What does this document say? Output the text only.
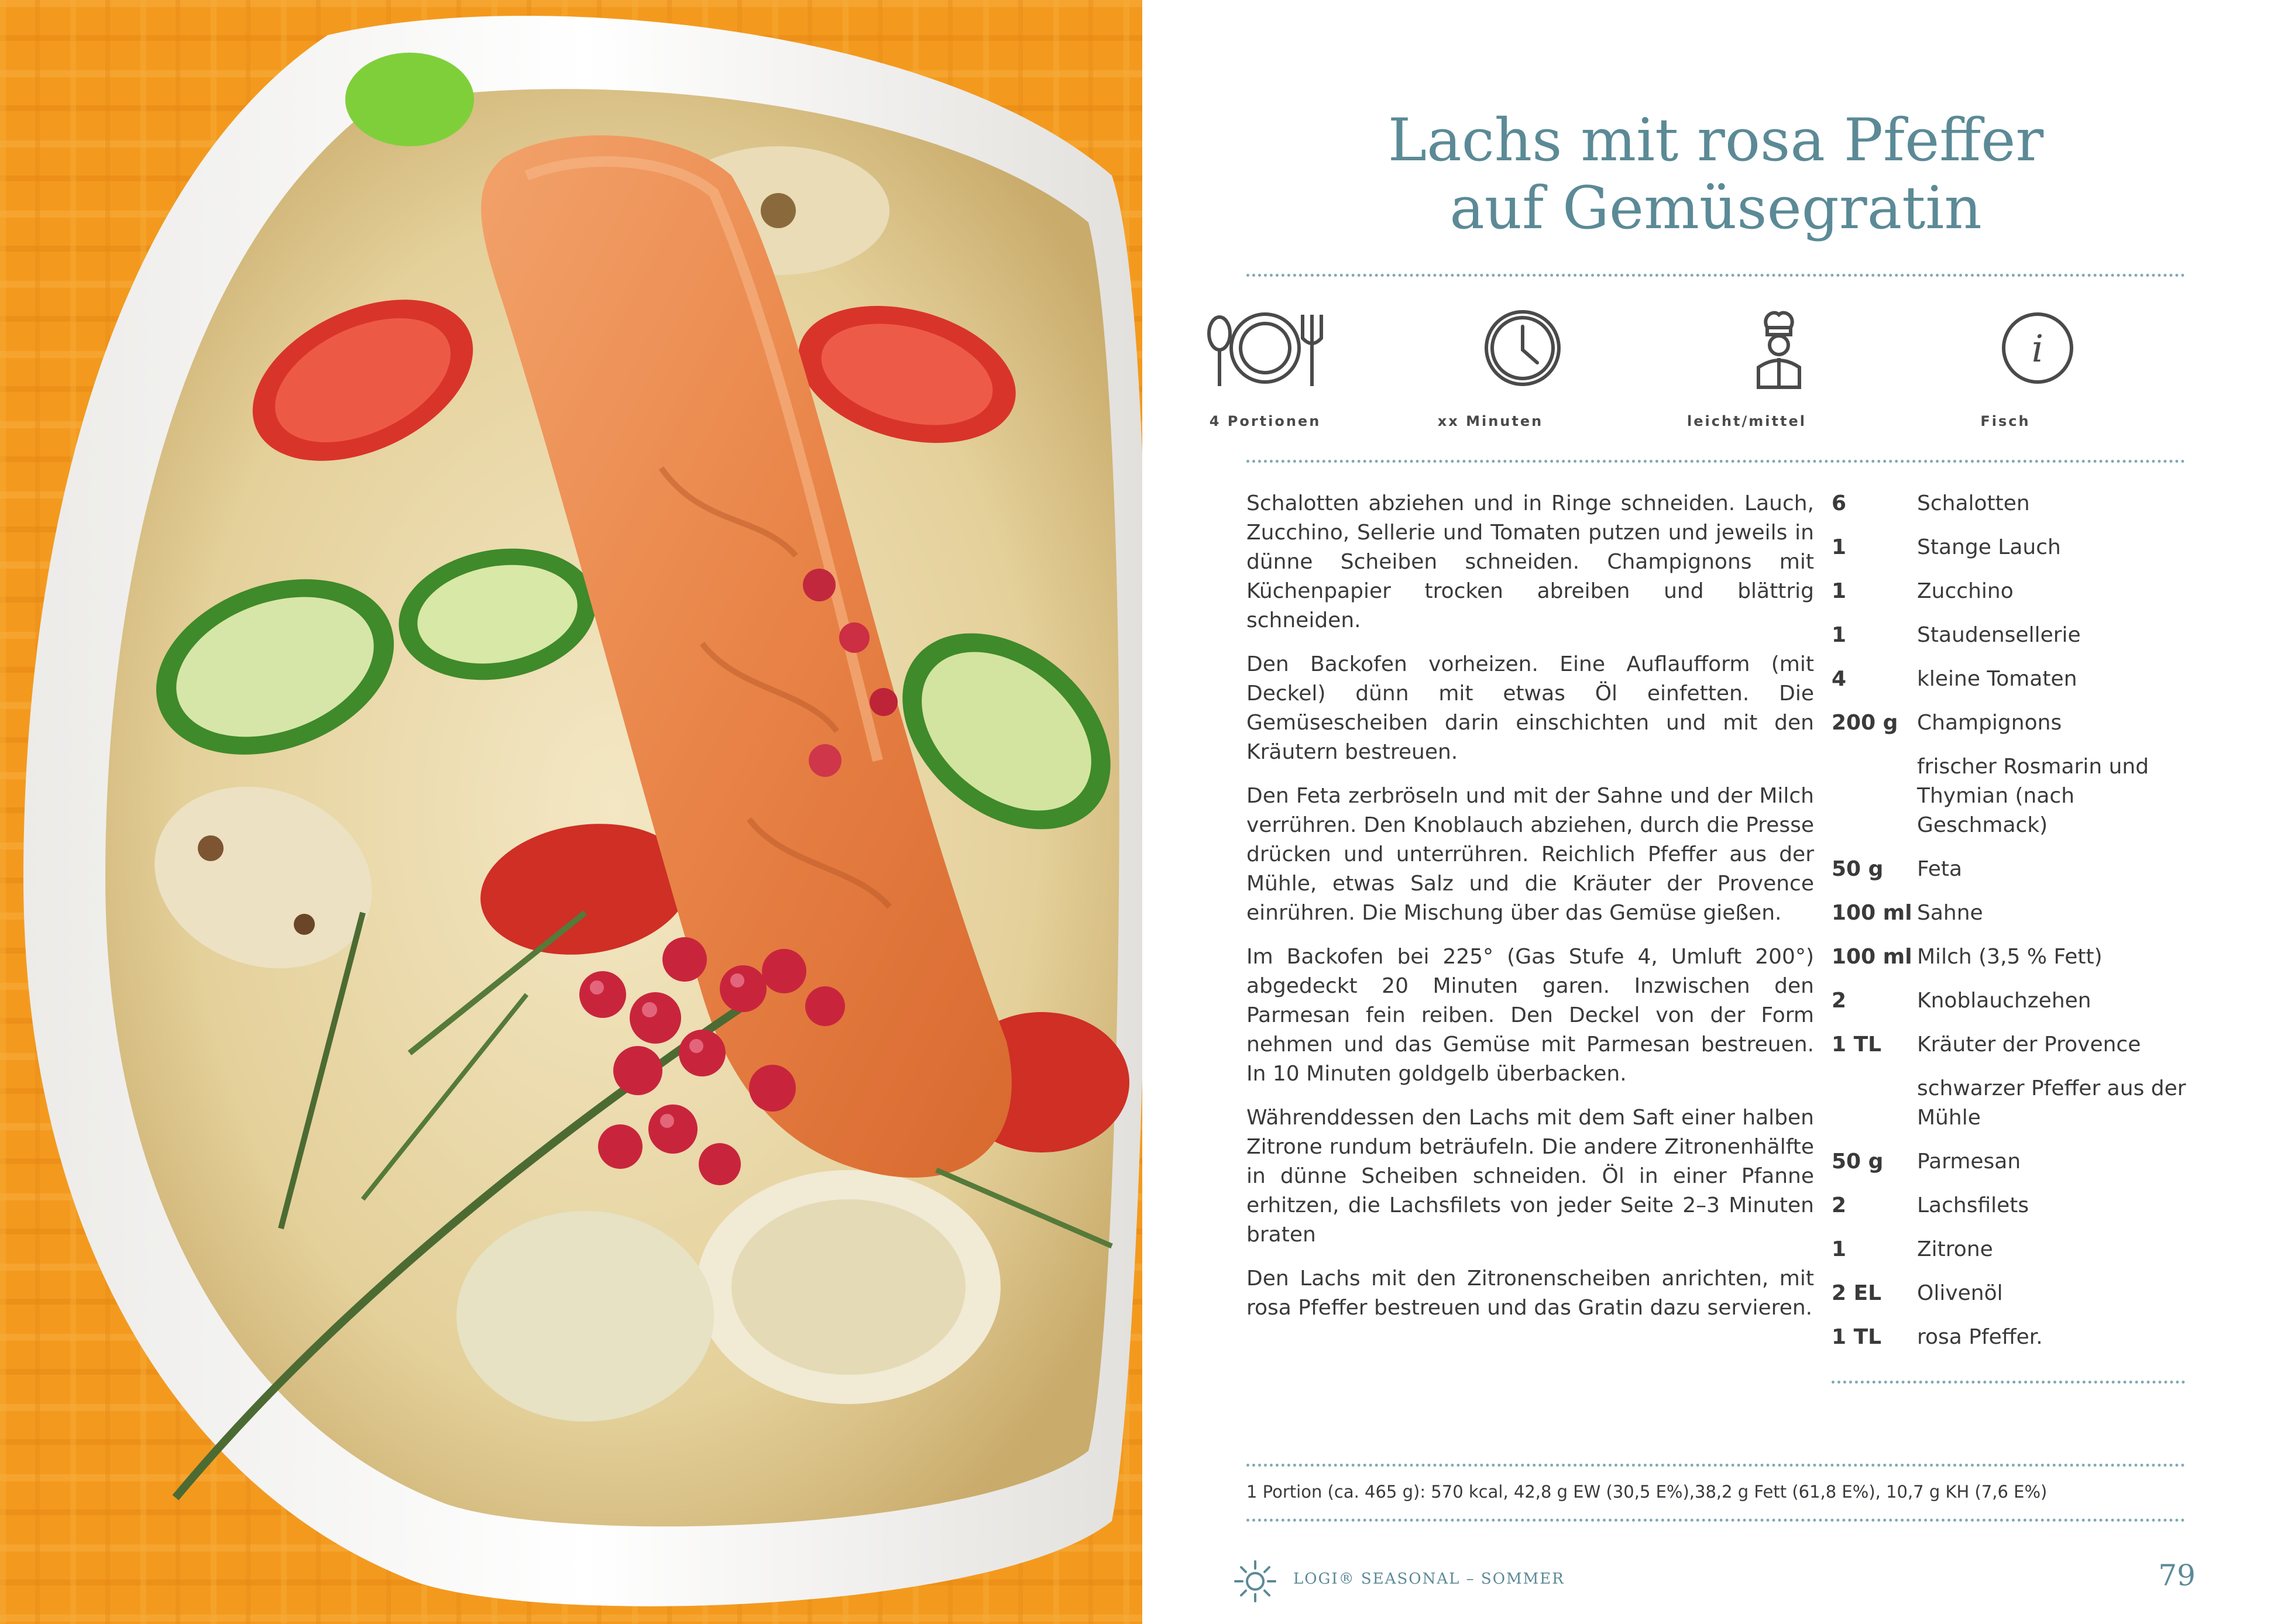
Lachs mit rosa Pfeffer
auf Gemüsegratin
i
4 Portionen	xx Minuten	leicht/mittel	Fisch

Schalotten abziehen und in Ringe schneiden. Lauch, Zucchino, Sellerie und Tomaten putzen und jeweils in dünne Scheiben schneiden. Champignons mit Küchenpapier trocken abreiben und blättrig schneiden.

Den Backofen vorheizen. Eine Auflaufform (mit Deckel) dünn mit etwas Öl einfetten. Die Gemüsescheiben darin einschichten und mit den Kräutern bestreuen.

Den Feta zerbröseln und mit der Sahne und der Milch verrühren. Den Knoblauch abziehen, durch die Presse drücken und unterrühren. Reichlich Pfeffer aus der Mühle, etwas Salz und die Kräuter der Provence einrühren. Die Mischung über das Gemüse gießen.

Im Backofen bei 225° (Gas Stufe 4, Umluft 200°) abgedeckt 20 Minuten garen. Inzwischen den Parmesan fein reiben. Den Deckel von der Form nehmen und das Gemüse mit Parmesan bestreuen. In 10 Minuten goldgelb überbacken.

Währenddessen den Lachs mit dem Saft einer halben Zitrone rundum beträufeln. Die andere Zitronenhälfte in dünne Scheiben schneiden. Öl in einer Pfanne erhitzen, die Lachsfilets von jeder Seite 2–3 Minuten braten

Den Lachs mit den Zitronenscheiben anrichten, mit rosa Pfeffer bestreuen und das Gratin dazu servieren.

6	Schalotten
1	Stange Lauch
1	Zucchino
1	Staudensellerie
4	kleine Tomaten
200 g Champignons
frischer Rosmarin und Thymian (nach Geschmack)
50 g	Feta
100 ml Sahne
100 ml Milch (3,5 % Fett)
2	Knoblauchzehen
1 TL	Kräuter der Provence
schwarzer Pfeffer aus der Mühle
50 g	Parmesan
2	Lachsfilets
1	Zitrone
2 EL	Olivenöl
1 TL	rosa Pfeffer.
1 Portion (ca. 465 g): 570 kcal, 42,8 g EW (30,5 E%),38,2 g Fett (61,8 E%), 10,7 g KH (7,6 E%)
LOGI® SEASONAL – SOMMER	79
